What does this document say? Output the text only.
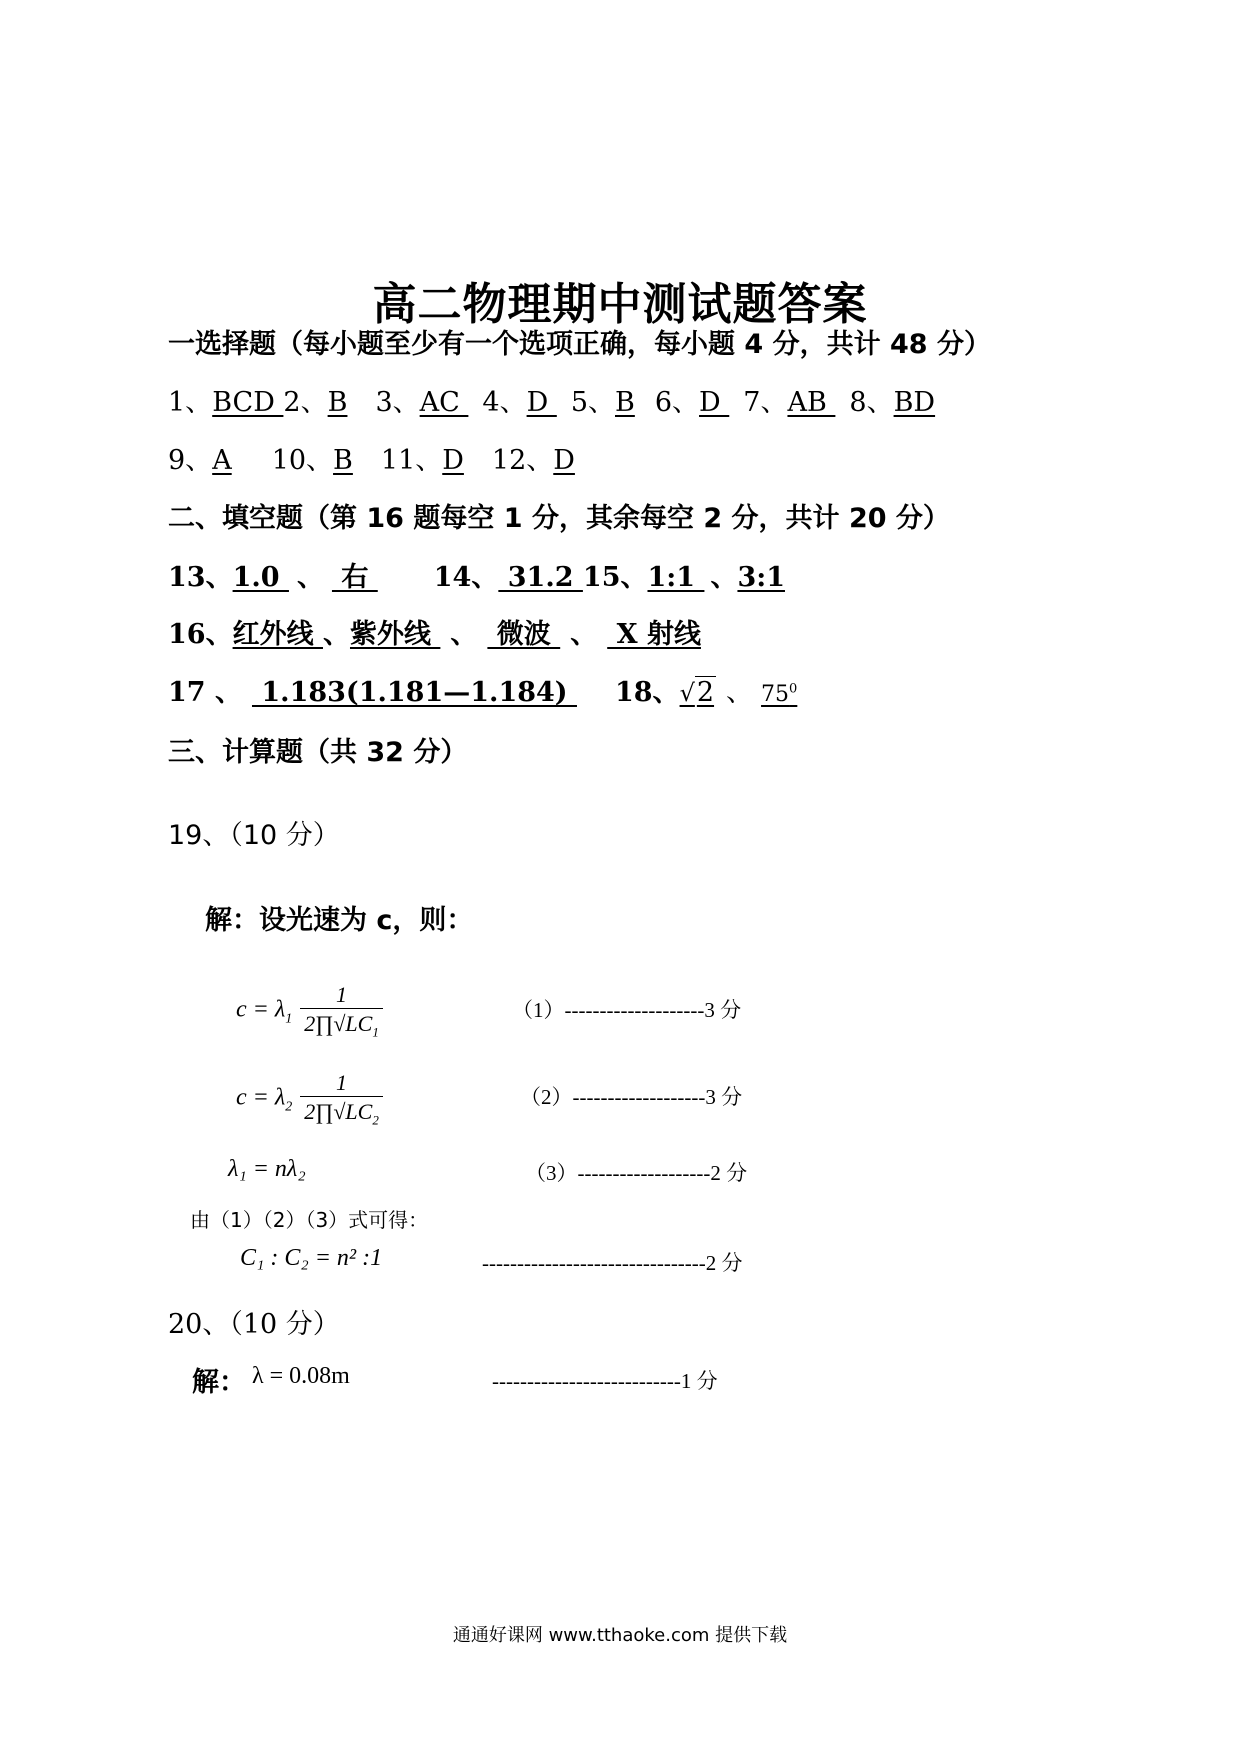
高二物理期中测试题答案
一选择题（每小题至少有一个选项正确，每小题 4 分，共计 48 分）
1、BCD 2、B 3、AC 4、D 5、B 6、D 7、AB 8、BD
9、A 10、B 11、D 12、D
二、填空题（第 16 题每空 1 分，其余每空 2 分，共计 20 分）
13、1.0 、 右 14、 31.2 15、1:1 、3:1
16、红外线 、紫外线 、 微波 、 X 射线
17 、 1.183(1.181—1.184) 18、√2 、 $75^0$
三、计算题（共 32 分）
19、（10 分）
解：设光速为 c，则：
$c = \lambda_1 \frac{1}{2\prod√LC_1}$	（1）--------------------3 分
$c = \lambda_2 \frac{1}{2\prod√LC_2}$	（2）-------------------3 分
λ₁ = nλ₂	（3）-------------------2 分
由（1）（2）（3）式可得：
C₁ : C₂ = n² :1	--------------------------------2 分
20、（10 分）
解： λ = 0.08m	---------------------------1 分
通通好课网 www.tthaoke.com 提供下载
